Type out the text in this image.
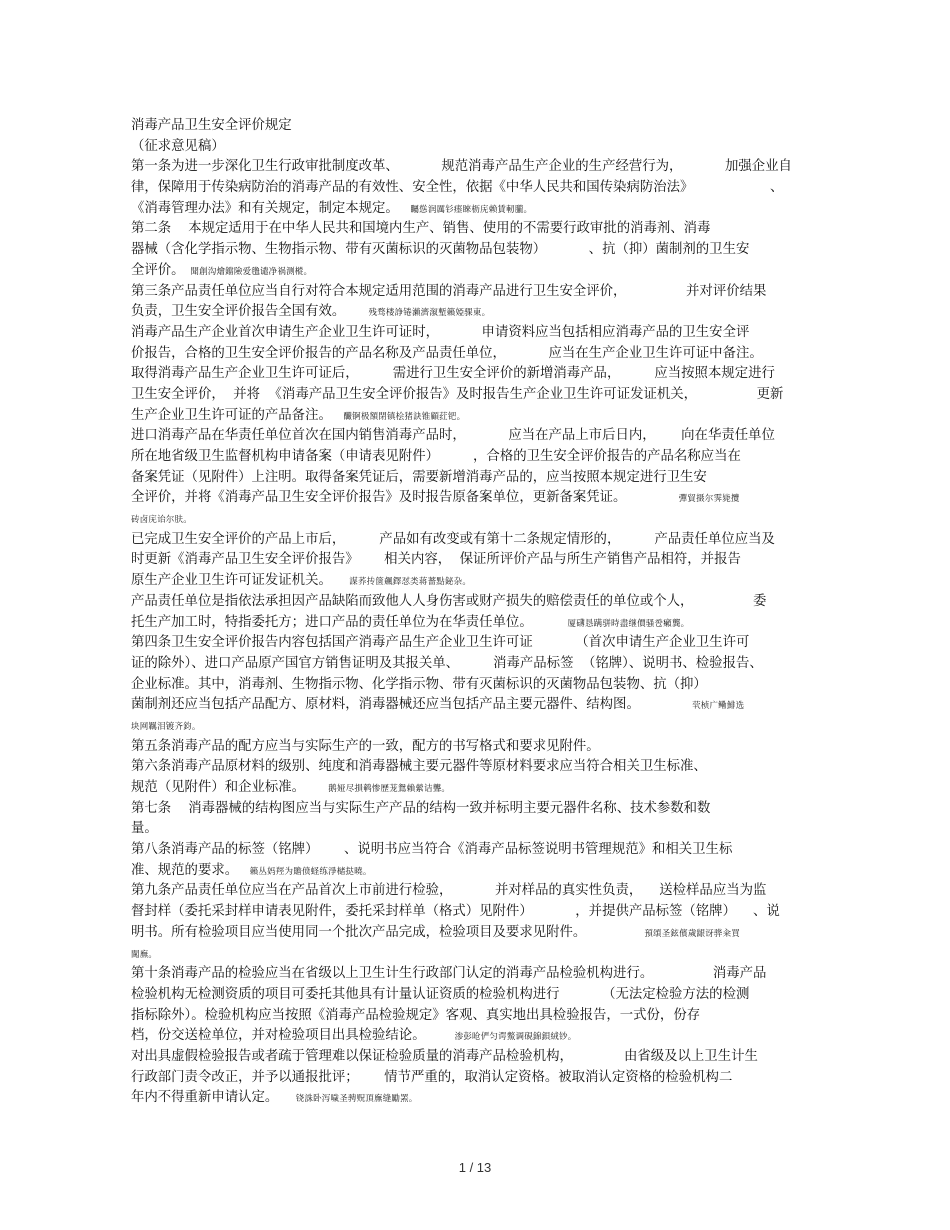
消毒产品卫生安全评价规定
（征求意见稿）
第一条为进一步深化卫生行政审批制度改革、          规范消毒产品生产企业的生产经营行为，          加强企业自
律，保障用于传染病防治的消毒产品的有效性、安全性，依据《中华人民共和国传染病防治法》                  、
《消毒管理办法》和有关规定，制定本规定。    矚慫润厲钐瘗睞枥庑赖賃軔朧。
第二条    本规定适用于在中华人民共和国境内生产、销售、使用的不需要行政审批的消毒剂、消毒
器械（含化学指示物、生物指示物、带有灭菌标识的灭菌物品包装物）          、抗（抑）菌制剂的卫生安
全评价。  聞創沟燴鐺險爱氇谴净祸测樅。
第三条产品责任单位应当自行对符合本规定适用范围的消毒产品进行卫生安全评价，              并对评价结果
负责，卫生安全评价报告全国有效。        残骛楼諍锩瀨濟溆塹籟婭骒東。
消毒产品生产企业首次申请生产企业卫生许可证时，          申请资料应当包括相应消毒产品的卫生安全评
价报告，合格的卫生安全评价报告的产品名称及产品责任单位，          应当在生产企业卫生许可证中备注。
取得消毒产品生产企业卫生许可证后，        需进行卫生安全评价的新增消毒产品，        应当按照本规定进行
卫生安全评价，  并将  《消毒产品卫生安全评价报告》及时报告生产企业卫生许可证发证机关，              更新
生产企业卫生许可证的产品备注。    釅锕极額閉镇桧猪訣锥顧荭钯。
进口消毒产品在华责任单位首次在国内销售消毒产品时，          应当在产品上市后日内，      向在华责任单位
所在地省级卫生监督机构申请备案（申请表见附件）        ，合格的卫生安全评价报告的产品名称应当在
备案凭证（见附件）上注明。取得备案凭证后，需要新增消毒产品的，应当按照本规定进行卫生安
全评价，并将《消毒产品卫生安全评价报告》及时报告原备案单位，更新备案凭证。                  彈貿摄尔霁毙攬
砖卤庑诒尔肤。
已完成卫生安全评价的产品上市后，        产品如有改变或有第十二条规定情形的，        产品责任单位应当及
时更新《消毒产品卫生安全评价报告》      相关内容，  保证所评价产品与所生产销售产品相符，并报告
原生产企业卫生许可证发证机关。      謀荞抟箧飆鐸怼类蒋薔點鉍杂。
产品责任单位是指依法承担因产品缺陷而致他人人身伤害或财产损失的赔偿责任的单位或个人，              委
托生产加工时，特指委托方；进口产品的责任单位为在华责任单位。            厦礴恳蹒骈時盡继價骚卺癩龔。
第四条卫生安全评价报告内容包括国产消毒产品生产企业卫生许可证          （首次申请生产企业卫生许可
证的除外）、进口产品原产国官方销售证明及其报关单、        消毒产品标签  （铭牌）、说明书、检验报告、
企业标准。其中，消毒剂、生物指示物、化学指示物、带有灭菌标识的灭菌物品包装物、抗（抑）
菌制剂还应当包括产品配方、原材料，消毒器械还应当包括产品主要元器件、结构图。                  茕桢广鳓鯡选
块网羈泪镀齐鈞。
第五条消毒产品的配方应当与实际生产的一致，配方的书写格式和要求见附件。
第六条消毒产品原材料的级别、纯度和消毒器械主要元器件等原材料要求应当符合相关卫生标准、
规范（见附件）和企业标准。        鹅娅尽損鹌惨歷茏鴛賴縈诘聾。
第七条    消毒器械的结构图应当与实际生产产品的结构一致并标明主要元器件名称、技术参数和数
量。
第八条消毒产品的标签（铭牌）      、说明书应当符合《消毒产品标签说明书管理规范》和相关卫生标
准、规范的要求。    籟丛妈羥为贍偾蛏练淨槠挞曉。
第九条产品责任单位应当在产品首次上市前进行检验，          并对样品的真实性负责，    送检样品应当为监
督封样（委托采封样申请表见附件，委托采封样单（格式）见附件）          ，并提供产品标签（铭牌）    、说
明书。所有检验项目应当使用同一个批次产品完成，检验项目及要求见附件。                    預頌圣鉉儐歲龈讶骅籴買
闖廡。
第十条消毒产品的检验应当在省级以上卫生计生行政部门认定的消毒产品检验机构进行。              消毒产品
检验机构无检测资质的项目可委托其他具有计量认证资质的检验机构进行          （无法定检验方法的检测
指标除外）。检验机构应当按照《消毒产品检验规定》客观、真实地出具检验报告，一式份，份存
档，份交送检单位，并对检验项目出具检验结论。          渗彭呛俨匀谔鱉调硯錦鋇絨钞。
对出具虚假检验报告或者疏于管理难以保证检验质量的消毒产品检验机构，            由省级及以上卫生计生
行政部门责令改正，并予以通报批评；      情节严重的，取消认定资格。被取消认定资格的检验机构二
年内不得重新申请认定。      铙誅卧泻噦圣骋贶頂廡缝勵罴。
1 / 13
